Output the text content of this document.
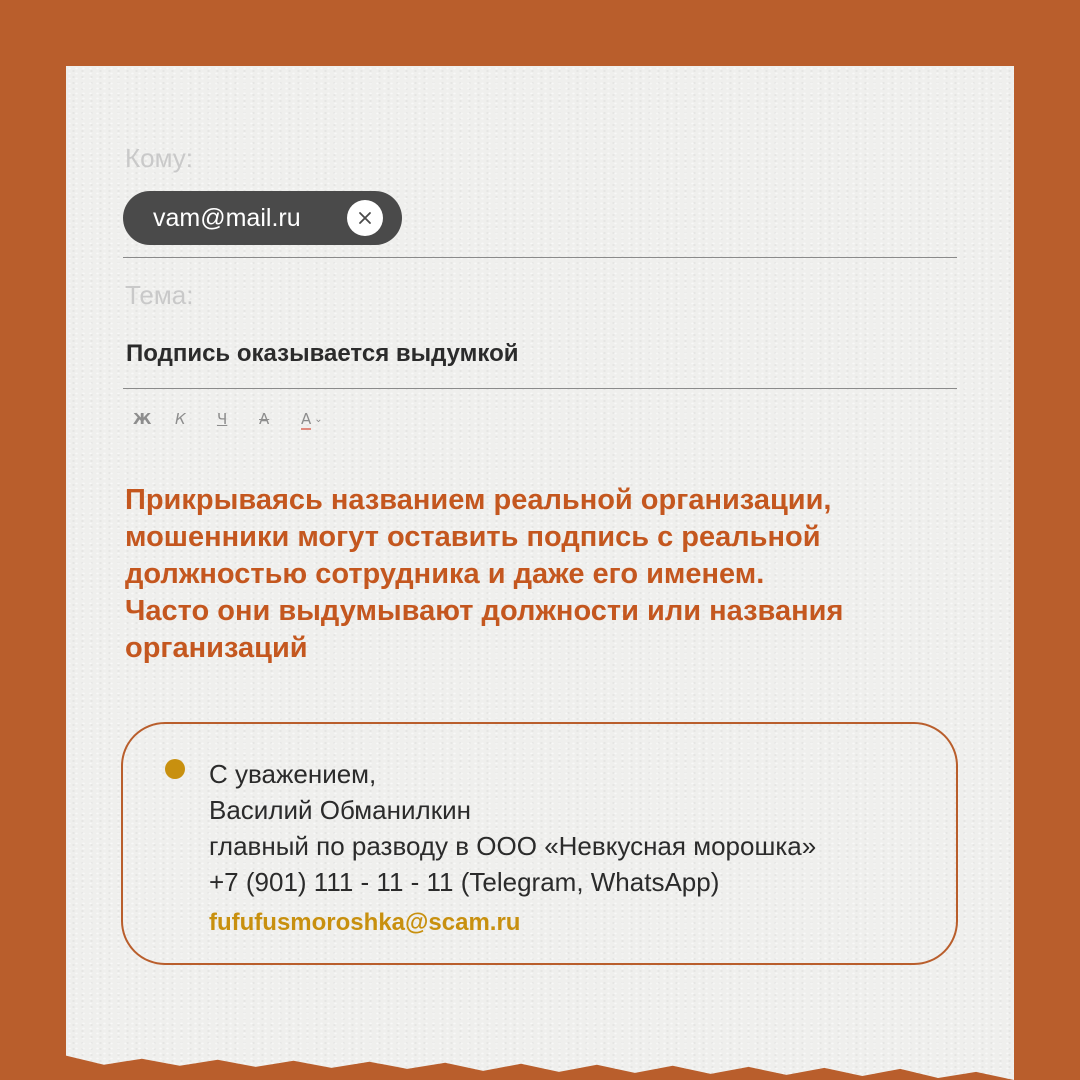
Кому:
vam@mail.ru
Тема:
Подпись оказывается выдумкой
Ж	К	Ч	А	А ⌄

Прикрываясь названием реальной организации,
мошенники могут оставить подпись с реальной
должностью сотрудника и даже его именем.
Часто они выдумывают должности или названия
организаций

С уважением,
Василий Обманилкин
главный по разводу в ООО «Невкусная морошка»
+7 (901) 111 - 11 - 11 (Telegram, WhatsApp)
fufufusmoroshka@scam.ru
